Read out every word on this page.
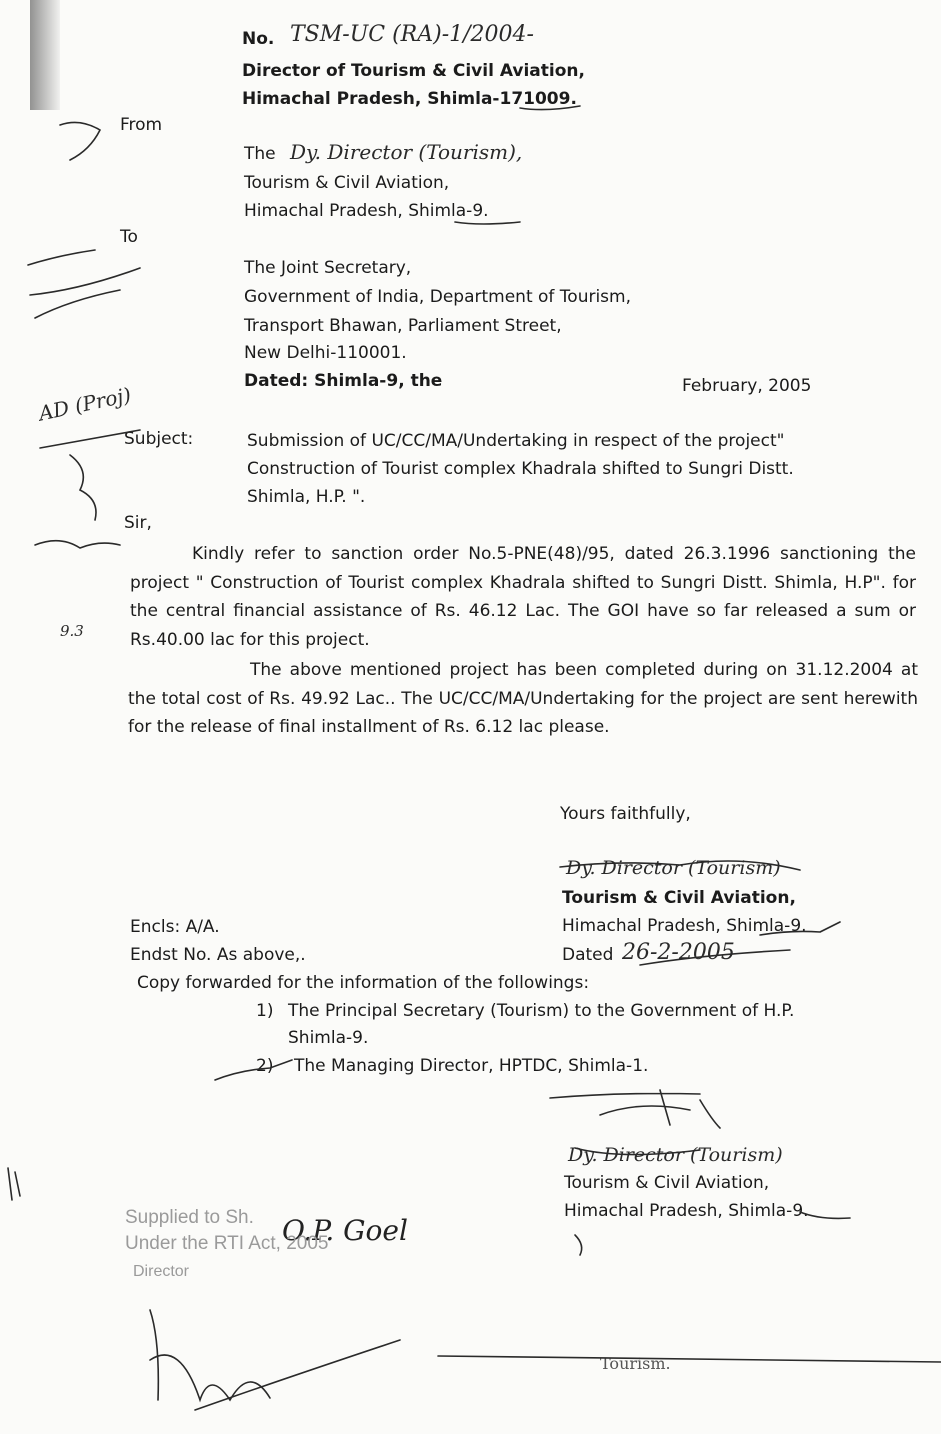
No. TSM-UC (RA)-1/2004-
Director of Tourism & Civil Aviation,
Himachal Pradesh, Shimla-171009.
From
The Dy. Director (Tourism),
Tourism & Civil Aviation,
Himachal Pradesh, Shimla-9.
To
The Joint Secretary,
Government of India, Department of Tourism,
Transport Bhawan, Parliament Street,
New Delhi-110001.
Dated: Shimla-9, the	February, 2005
Subject:	Submission of UC/CC/MA/Undertaking in respect of the project"
Construction of Tourist complex Khadrala shifted to Sungri Distt.
Shimla, H.P. ".
Sir,
Kindly refer to sanction order No.5-PNE(48)/95, dated 26.3.1996 sanctioning the project " Construction of Tourist complex Khadrala shifted to Sungri Distt. Shimla, H.P". for the central financial assistance of Rs. 46.12 Lac. The GOI have so far released a sum or Rs.40.00 lac for this project.
The above mentioned project has been completed during on 31.12.2004 at the total cost of Rs. 49.92 Lac.. The UC/CC/MA/Undertaking for the project are sent herewith for the release of final installment of Rs. 6.12 lac please.
Yours faithfully,
Dy. Director (Tourism)
Tourism & Civil Aviation,
Himachal Pradesh, Shimla-9.
Dated 26-2-2005
Encls: A/A.
Endst No. As above,.
Copy forwarded for the information of the followings:
1) The Principal Secretary (Tourism) to the Government of H.P.
Shimla-9.
2) The Managing Director, HPTDC, Shimla-1.
Dy. Director (Tourism)
Tourism & Civil Aviation,
Himachal Pradesh, Shimla-9.
AD (Proj)
9.3
Supplied to Sh. O.P. Goel
Under the RTI Act, 2005
Director
Tourism.
